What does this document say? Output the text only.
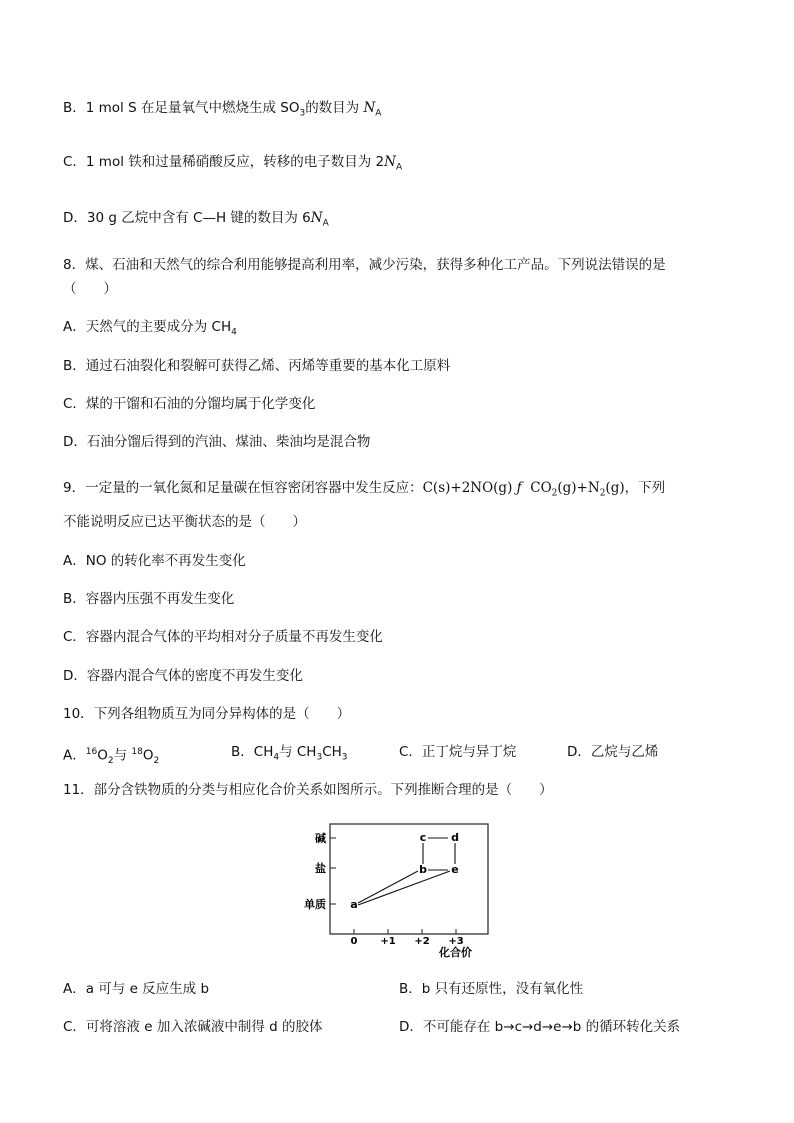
B．1 mol S 在足量氧气中燃烧生成 $SO_3$的数目为 $N_A$
C．1 mol 铁和过量稀硝酸反应，转移的电子数目为 $2N_A$
D．30 g 乙烷中含有 C—H 键的数目为 $6N_A$
8．煤、石油和天然气的综合利用能够提高利用率，减少污染，获得多种化工产品。下列说法错误的是
（　　）
A．天然气的主要成分为 $CH_4$
B．通过石油裂化和裂解可获得乙烯、丙烯等重要的基本化工原料
C．煤的干馏和石油的分馏均属于化学变化
D．石油分馏后得到的汽油、煤油、柴油均是混合物
9．一定量的一氧化氮和足量碳在恒容密闭容器中发生反应：C(s)+2NO(g) ƒ $CO_2(g)+N_2(g)$，下列
不能说明反应已达平衡状态的是（　　）
A．NO 的转化率不再发生变化
B．容器内压强不再发生变化
C．容器内混合气体的平均相对分子质量不再发生变化
D．容器内混合气体的密度不再发生变化
10．下列各组物质互为同分异构体的是（　　）
A．$^{16}O_2$与 $^{18}O_2$
B．$CH_4$与 $CH_3CH_3$	C．正丁烷与异丁烷	D．乙烷与乙烯
11．部分含铁物质的分类与相应化合价关系如图所示。下列推断合理的是（　　）
碱
盐
单质
0 +1 +2 +3
化合价
a
b
c d
e
A．a 可与 e 反应生成 b	B．b 只有还原性，没有氧化性
C．可将溶液 e 加入浓碱液中制得 d 的胶体	D．不可能存在 b→c→d→e→b 的循环转化关系
